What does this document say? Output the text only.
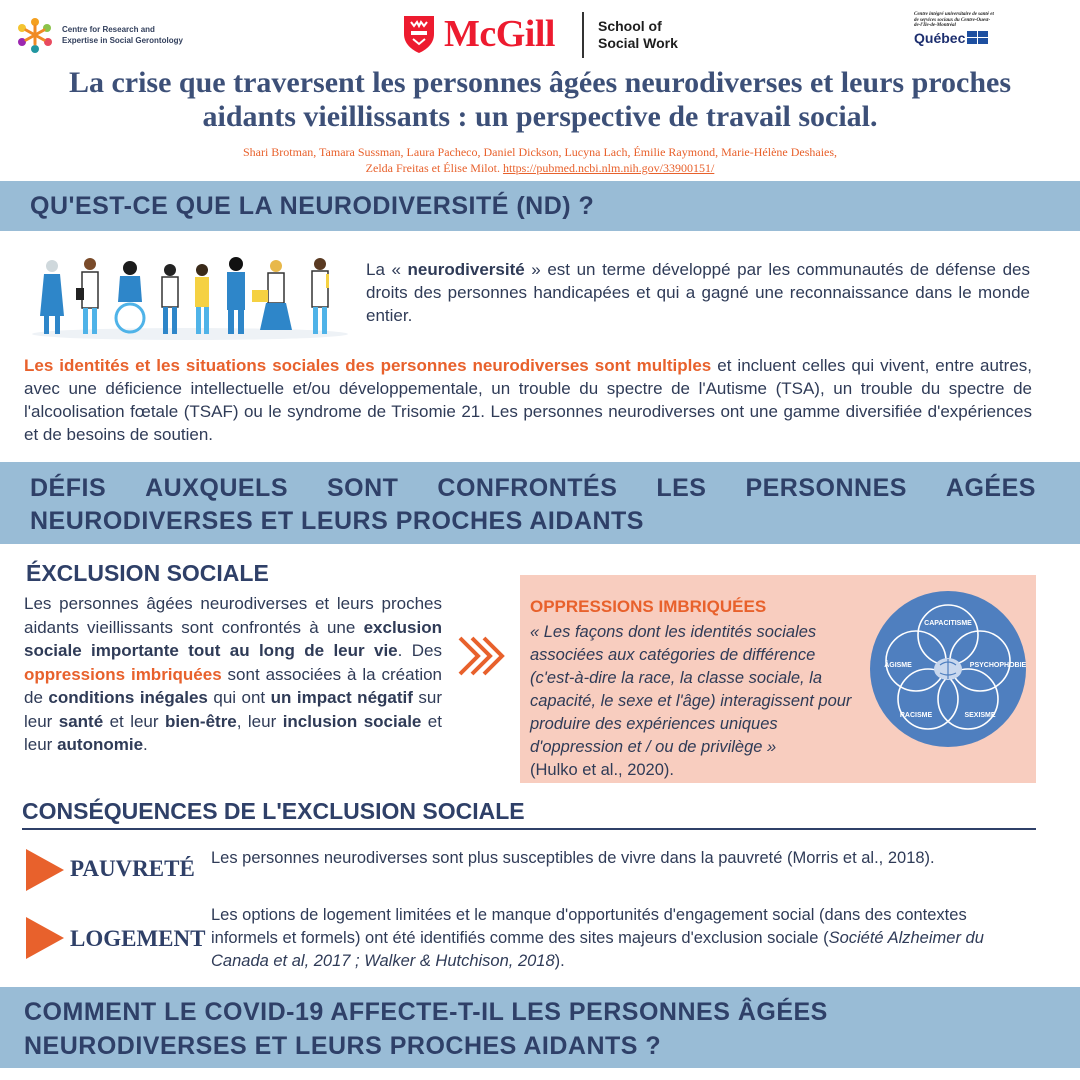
Centre for Research and Expertise in Social Gerontology	McGill	School of Social Work
Centre intégré universitaire de santé et de services sociaux du Centre-Ouest-de-l'Île-de-Montréal
Québec
La crise que traversent les personnes âgées neurodiverses et leurs proches aidants vieillissants : un perspective de travail social.
Shari Brotman, Tamara Sussman, Laura Pacheco, Daniel Dickson, Lucyna Lach, Émilie Raymond, Marie-Hélène Deshaies,
Zelda Freitas et Élise Milot. https://pubmed.ncbi.nlm.nih.gov/33900151/
QU'EST-CE QUE LA NEURODIVERSITÉ (ND) ?
La « neurodiversité » est un terme développé par les communautés de défense des droits des personnes handicapées et qui a gagné une reconnaissance dans le monde entier.
Les identités et les situations sociales des personnes neurodiverses sont multiples et incluent celles qui vivent, entre autres, avec une déficience intellectuelle et/ou développementale, un trouble du spectre de l'Autisme (TSA), un trouble du spectre de l'alcoolisation fœtale (TSAF) ou le syndrome de Trisomie 21. Les personnes neurodiverses ont une gamme diversifiée d'expériences et de besoins de soutien.
DÉFIS AUXQUELS SONT CONFRONTÉS LES PERSONNES AGÉES
NEURODIVERSES ET LEURS PROCHES AIDANTS
ÉXCLUSION SOCIALE

Les personnes âgées neurodiverses et leurs proches aidants vieillissants sont confrontés à une exclusion sociale importante tout au long de leur vie. Des oppressions imbriquées sont associées à la création de conditions inégales qui ont un impact négatif sur leur santé et leur bien-être, leur inclusion sociale et leur autonomie.

OPPRESSIONS IMBRIQUÉES
« Les façons dont les identités sociales associées aux catégories de différence (c'est-à-dire la race, la classe sociale, la capacité, le sexe et l'âge) interagissent pour produire des expériences uniques d'oppression et / ou de privilège »
(Hulko et al., 2020).
CAPACITISME
ÂGISME	PSYCHOPHOBIE
RACISME	SEXISME
CONSÉQUENCES DE L'EXCLUSION SOCIALE
PAUVRETÉ Les personnes neurodiverses sont plus susceptibles de vivre dans la pauvreté (Morris et al., 2018).
LOGEMENT
Les options de logement limitées et le manque d'opportunités d'engagement social (dans des contextes informels et formels) ont été identifiés comme des sites majeurs d'exclusion sociale (Société Alzheimer du Canada et al, 2017 ; Walker & Hutchison, 2018).
COMMENT LE COVID-19 AFFECTE-T-IL LES PERSONNES ÂGÉES
NEURODIVERSES ET LEURS PROCHES AIDANTS ?
